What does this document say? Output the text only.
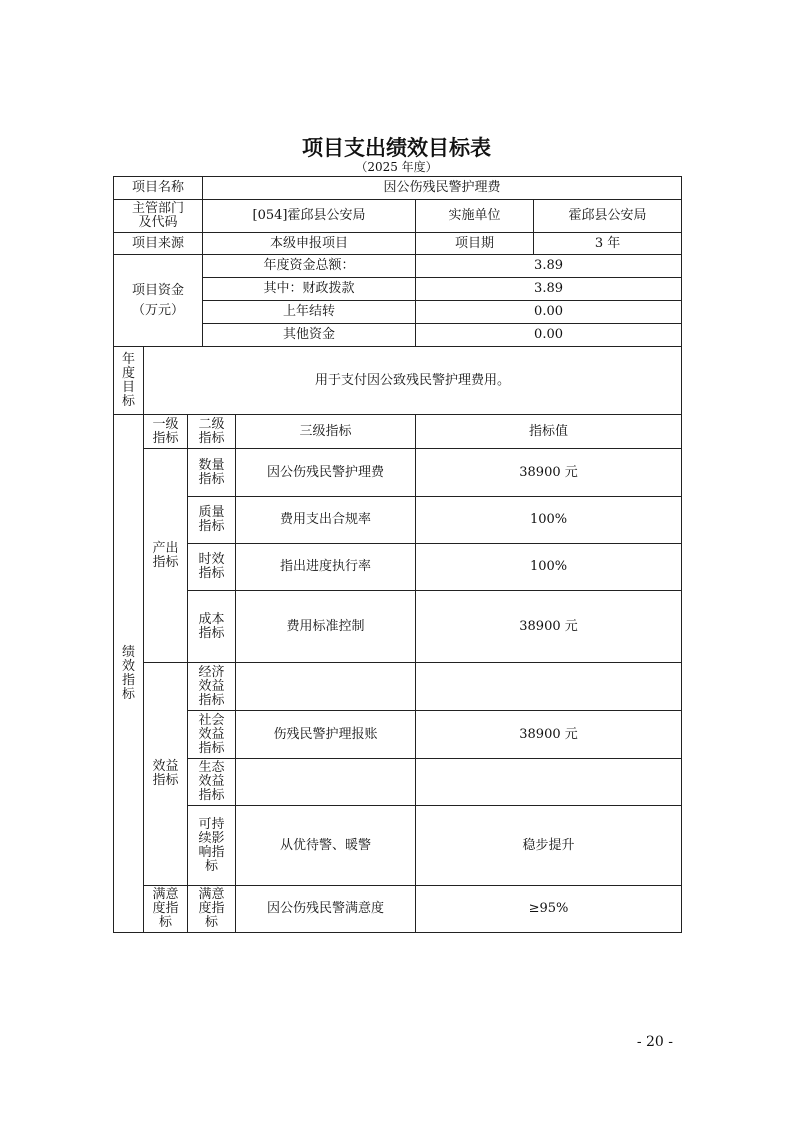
项目支出绩效目标表
（2025 年度）
项目名称			因公伤残民警护理费			
主管部门及代码			[054]霍邱县公安局		实施单位	霍邱县公安局
项目来源			本级申报项目		项目期	3 年
项目资金（万元）			年度资金总额：		3.89	
			其中：财政拨款		3.89	
			上年结转		0.00	
			其他资金		0.00	
年度目标	用于支付因公致残民警护理费用。					
绩效指标	一级指标	二级指标		三级指标	指标值	
	产出指标	数量指标		因公伤残民警护理费	38900 元	
		质量指标		费用支出合规率	100%	
		时效指标		指出进度执行率	100%	
		成本指标		费用标准控制	38900 元	
	效益指标	经济效益指标				
		社会效益指标		伤残民警护理报账	38900 元	
		生态效益指标				
		可持续影响指标		从优待警、暖警	稳步提升	
	满意度指标	满意度指标		因公伤残民警满意度	≥95%	
- 20 -
